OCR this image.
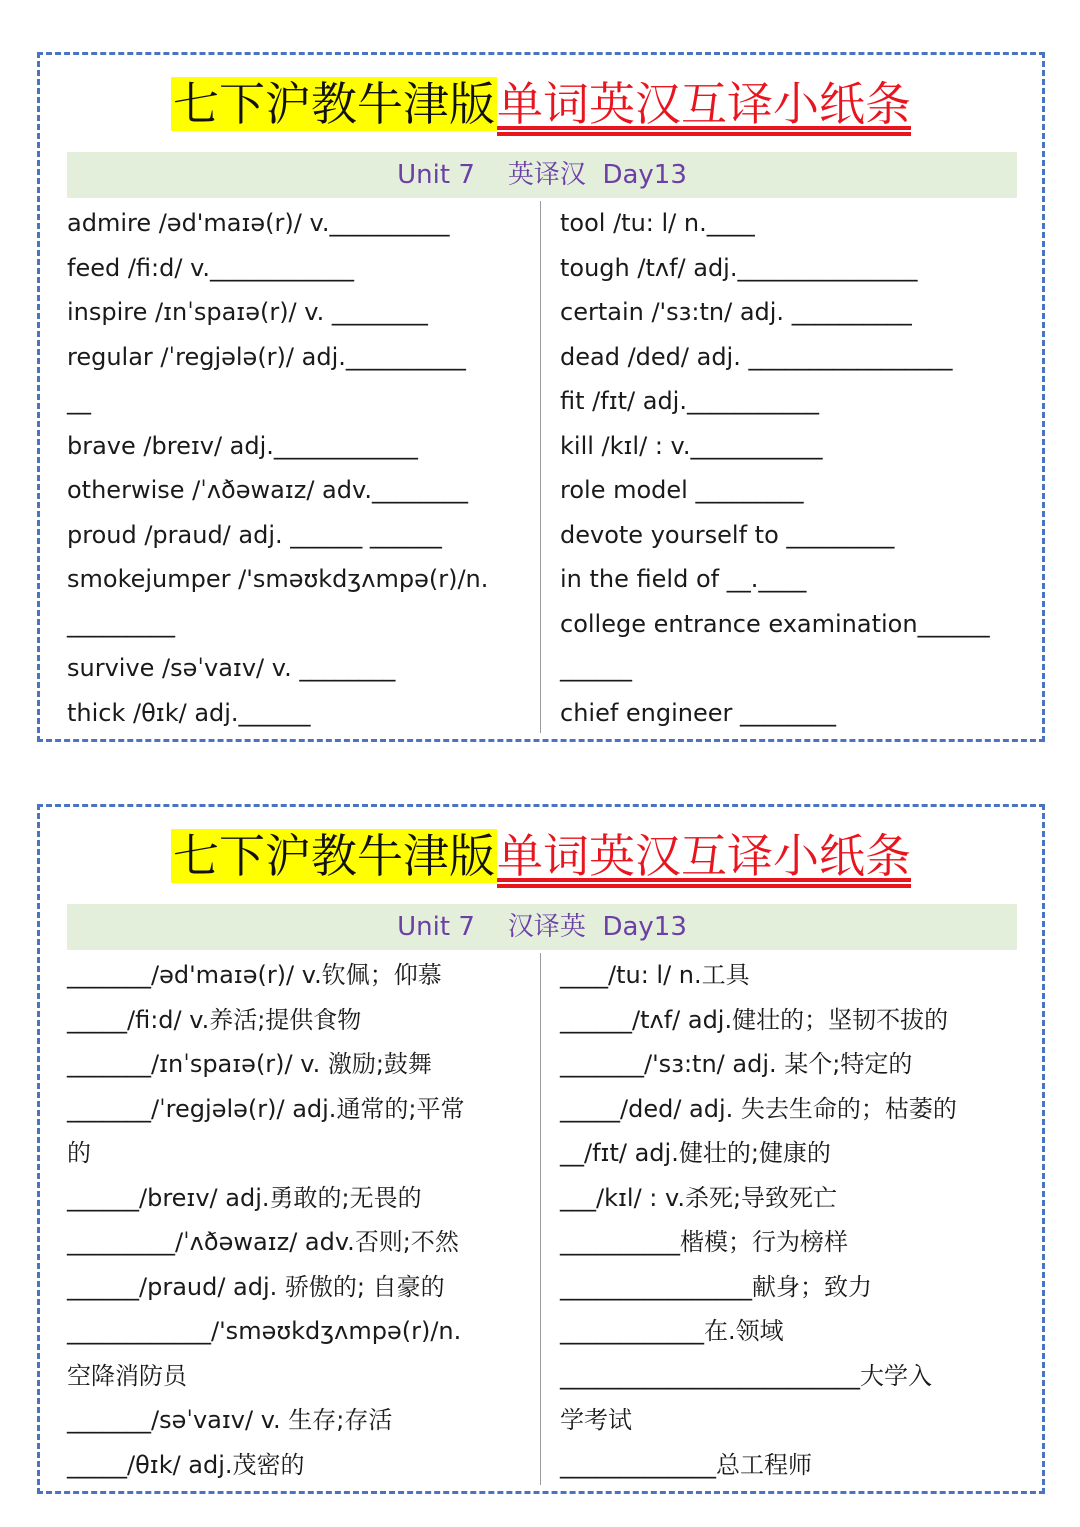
七下沪教牛津版单词英汉互译小纸条
Unit 7    英译汉  Day13
admire /əd'maɪə(r)/ v.__________
feed /fi:d/ v.____________
inspire /ɪnˈspaɪə(r)/ v. ________
regular /ˈregjələ(r)/ adj.__________
__
brave /breɪv/ adj.____________
otherwise /ˈʌðəwaɪz/ adv.________
proud /praud/ adj. ______ ______
smokejumper /'sməʊkdʒʌmpə(r)/n.
_________
survive /səˈvaɪv/ v. ________
thick /θɪk/ adj.______
tool /tu: l/ n.____
tough /tʌf/ adj._______________
certain /'sɜ:tn/ adj. __________
dead /ded/ adj. _________________
fit /fɪt/ adj.___________
kill /kɪl/ : v.___________
role model _________
devote yourself to _________
in the field of __.____
college entrance examination______
______
chief engineer ________
七下沪教牛津版单词英汉互译小纸条
Unit 7    汉译英  Day13
_______/əd'maɪə(r)/ v.钦佩；仰慕
_____/fi:d/ v.养活;提供食物
_______/ɪnˈspaɪə(r)/ v. 激励;鼓舞
_______/ˈregjələ(r)/ adj.通常的;平常
的
______/breɪv/ adj.勇敢的;无畏的
_________/ˈʌðəwaɪz/ adv.否则;不然
______/praud/ adj. 骄傲的; 自豪的
____________/'sməʊkdʒʌmpə(r)/n.
空降消防员
_______/səˈvaɪv/ v. 生存;存活
_____/θɪk/ adj.茂密的
____/tu: l/ n.工具
______/tʌf/ adj.健壮的；坚韧不拔的
_______/'sɜ:tn/ adj. 某个;特定的
_____/ded/ adj. 失去生命的；枯萎的
__/fɪt/ adj.健壮的;健康的
___/kɪl/ : v.杀死;导致死亡
__________楷模；行为榜样
________________献身；致力
____________在.领域
_________________________大学入
学考试
_____________总工程师
